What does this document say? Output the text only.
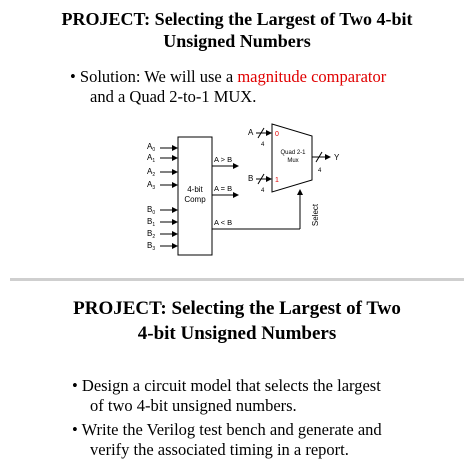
PROJECT: Selecting the Largest of Two 4-bit
Unsigned Numbers
• Solution: We will use a magnitude comparator
and a Quad 2-to-1 MUX.
4-bit
Comp
$A_0$
$A_1$
$A_2$
$A_3$
$B_0$
$B_1$
$B_2$
$B_3$
A > B
A = B
A < B
Quad 2-1
Mux
A
4
0
B
4
1
Y
4
Select
PROJECT: Selecting the Largest of Two
4-bit Unsigned Numbers
• Design a circuit model that selects the largest
of two 4-bit unsigned numbers.
• Write the Verilog test bench and generate and
verify the associated timing in a report.
